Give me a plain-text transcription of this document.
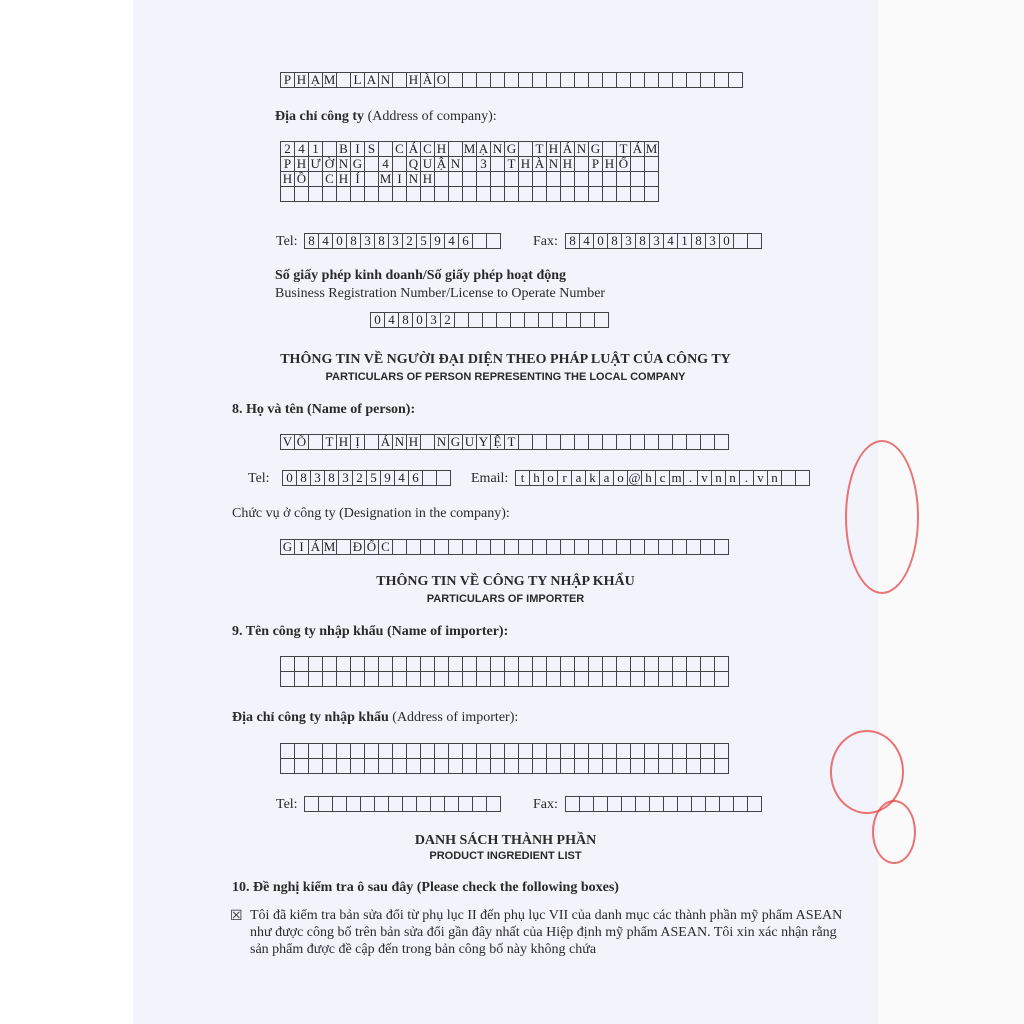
P H Ạ M L A N H À O
Địa chỉ công ty (Address of company):
2 4 1	B I S C Á C H M Ạ N G T H Á N G T Á M
P H Ư Ờ N G	4	Q U Ậ N	3	T H À N H P H Ố
H Ồ C H Í	M I N H
Tel: 8 4 0 8 3 8 3 2 5 9 4 6	Fax: 8 4 0 8 3 8 3 4 1 8 3 0
Số giấy phép kinh doanh/Số giấy phép hoạt động
Business Registration Number/License to Operate Number
0 4 8 0 3 2
THÔNG TIN VỀ NGƯỜI ĐẠI DIỆN THEO PHÁP LUẬT CỦA CÔNG TY
PARTICULARS OF PERSON REPRESENTING THE LOCAL COMPANY
8. Họ và tên (Name of person):
V Õ T H Ị	Á N H N G U Y Ệ T
Tel:	0 8 3 8 3 2 5 9 4 6	Email: t h o r a k a o @ h c m . v n n . v n
Chức vụ ở công ty (Designation in the company):
G I Á M Đ Ố C
THÔNG TIN VỀ CÔNG TY NHẬP KHẨU
PARTICULARS OF IMPORTER
9. Tên công ty nhập khẩu (Name of importer):
Địa chỉ công ty nhập khẩu (Address of importer):
Tel:	Fax:
DANH SÁCH THÀNH PHẦN
PRODUCT INGREDIENT LIST
10. Đề nghị kiểm tra ô sau đây (Please check the following boxes)
☒ Tôi đã kiểm tra bản sửa đổi từ phụ lục II đến phụ lục VII của danh mục các thành phần mỹ phẩm ASEAN như được công bố trên bản sửa đổi gần đây nhất của Hiệp định mỹ phẩm ASEAN. Tôi xin xác nhận rằng sản phẩm được đề cập đến trong bản công bố này không chứa
